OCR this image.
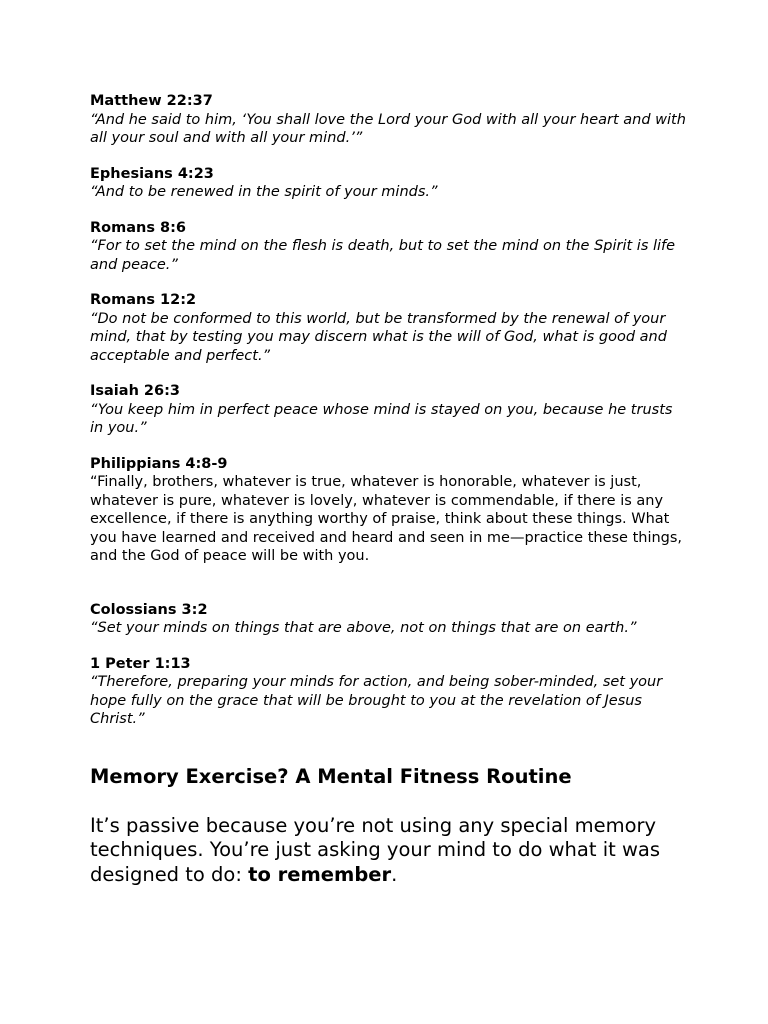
Matthew 22:37

“And he said to him, ‘You shall love the Lord your God with all your heart and with all your soul and with all your mind.’”

Ephesians 4:23

“And to be renewed in the spirit of your minds.”

Romans 8:6

“For to set the mind on the flesh is death, but to set the mind on the Spirit is life and peace.”

Romans 12:2

“Do not be conformed to this world, but be transformed by the renewal of your mind, that by testing you may discern what is the will of God, what is good and acceptable and perfect.”

Isaiah 26:3

“You keep him in perfect peace whose mind is stayed on you, because he trusts in you.”

Philippians 4:8-9

“Finally, brothers, whatever is true, whatever is honorable, whatever is just, whatever is pure, whatever is lovely, whatever is commendable, if there is any excellence, if there is anything worthy of praise, think about these things. What you have learned and received and heard and seen in me—practice these things, and the God of peace will be with you.

Colossians 3:2

“Set your minds on things that are above, not on things that are on earth.”

1 Peter 1:13

“Therefore, preparing your minds for action, and being sober-minded, set your hope fully on the grace that will be brought to you at the revelation of Jesus Christ.”

Memory Exercise? A Mental Fitness Routine

It’s passive because you’re not using any special memory techniques. You’re just asking your mind to do what it was designed to do: to remember.
